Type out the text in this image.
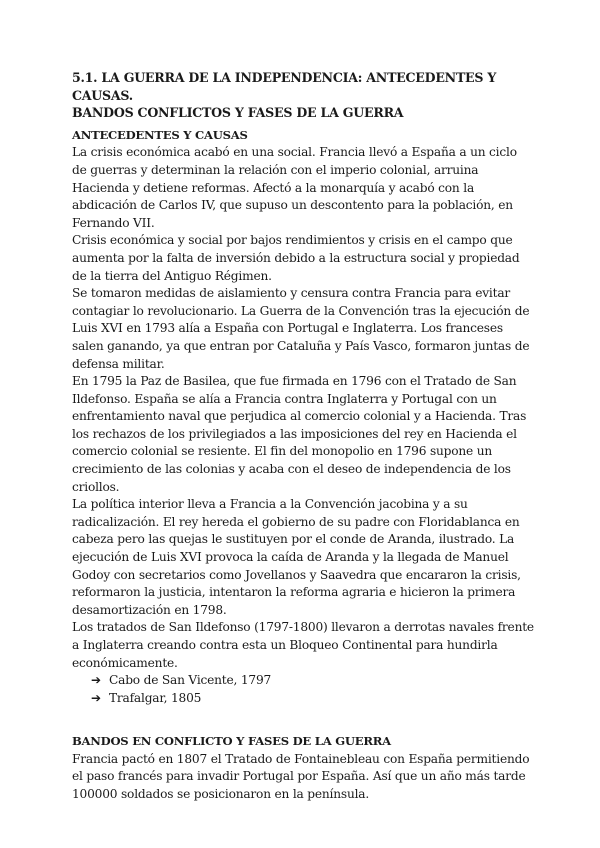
5.1. LA GUERRA DE LA INDEPENDENCIA: ANTECEDENTES Y CAUSAS.
BANDOS CONFLICTOS Y FASES DE LA GUERRA

ANTECEDENTES Y CAUSAS

La crisis económica acabó en una social. Francia llevó a España a un ciclo de guerras y determinan la relación con el imperio colonial, arruina Hacienda y detiene reformas. Afectó a la monarquía y acabó con la abdicación de Carlos IV, que supuso un descontento para la población, en Fernando VII.

Crisis económica y social por bajos rendimientos y crisis en el campo que aumenta por la falta de inversión debido a la estructura social y propiedad de la tierra del Antiguo Régimen.

Se tomaron medidas de aislamiento y censura contra Francia para evitar contagiar lo revolucionario. La Guerra de la Convención tras la ejecución de Luis XVI en 1793 alía a España con Portugal e Inglaterra. Los franceses salen ganando, ya que entran por Cataluña y País Vasco, formaron juntas de defensa militar.

En 1795 la Paz de Basilea, que fue firmada en 1796 con el Tratado de San Ildefonso. España se alía a Francia contra Inglaterra y Portugal con un enfrentamiento naval que perjudica al comercio colonial y a Hacienda. Tras los rechazos de los privilegiados a las imposiciones del rey en Hacienda el comercio colonial se resiente. El fin del monopolio en 1796 supone un crecimiento de las colonias y acaba con el deseo de independencia de los criollos.

La política interior lleva a Francia a la Convención jacobina y a su radicalización. El rey hereda el gobierno de su padre con Floridablanca en cabeza pero las quejas le sustituyen por el conde de Aranda, ilustrado. La ejecución de Luis XVI provoca la caída de Aranda y la llegada de Manuel Godoy con secretarios como Jovellanos y Saavedra que encararon la crisis, reformaron la justicia, intentaron la reforma agraria e hicieron la primera desamortización en 1798.

Los tratados de San Ildefonso (1797-1800) llevaron a derrotas navales frente a Inglaterra creando contra esta un Bloqueo Continental para hundirla económicamente.

➔ Cabo de San Vicente, 1797
➔ Trafalgar, 1805

BANDOS EN CONFLICTO Y FASES DE LA GUERRA

Francia pactó en 1807 el Tratado de Fontainebleau con España permitiendo el paso francés para invadir Portugal por España. Así que un año más tarde 100000 soldados se posicionaron en la península.
